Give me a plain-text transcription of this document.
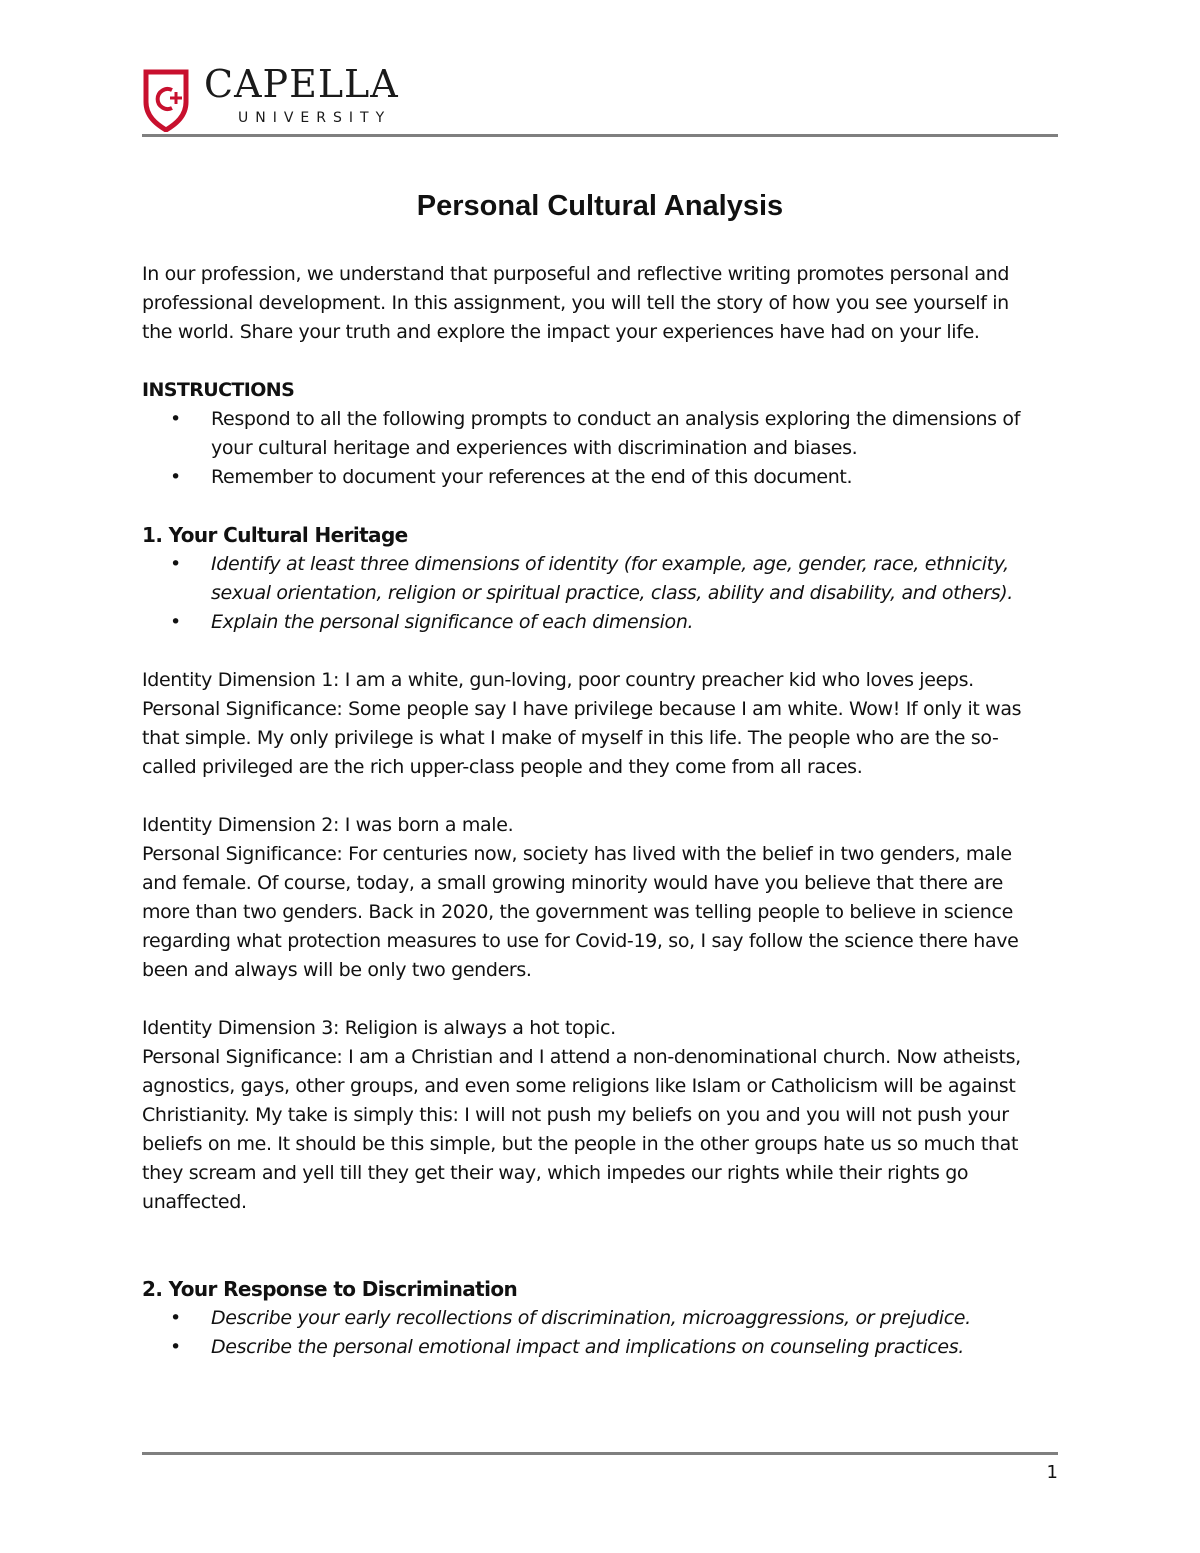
CAPELLA
UNIVERSITY
Personal Cultural Analysis

In our profession, we understand that purposeful and reflective writing promotes personal and

professional development. In this assignment, you will tell the story of how you see yourself in

the world. Share your truth and explore the impact your experiences have had on your life.

INSTRUCTIONS

• Respond to all the following prompts to conduct an analysis exploring the dimensions of
your cultural heritage and experiences with discrimination and biases.
• Remember to document your references at the end of this document.

1. Your Cultural Heritage

• Identify at least three dimensions of identity (for example, age, gender, race, ethnicity,
sexual orientation, religion or spiritual practice, class, ability and disability, and others).
• Explain the personal significance of each dimension.

Identity Dimension 1: I am a white, gun-loving, poor country preacher kid who loves jeeps.

Personal Significance: Some people say I have privilege because I am white. Wow! If only it was

that simple. My only privilege is what I make of myself in this life. The people who are the so-

called privileged are the rich upper-class people and they come from all races.

Identity Dimension 2: I was born a male.

Personal Significance: For centuries now, society has lived with the belief in two genders, male

and female. Of course, today, a small growing minority would have you believe that there are

more than two genders. Back in 2020, the government was telling people to believe in science

regarding what protection measures to use for Covid-19, so, I say follow the science there have

been and always will be only two genders.

Identity Dimension 3: Religion is always a hot topic.

Personal Significance: I am a Christian and I attend a non-denominational church. Now atheists,

agnostics, gays, other groups, and even some religions like Islam or Catholicism will be against

Christianity. My take is simply this: I will not push my beliefs on you and you will not push your

beliefs on me. It should be this simple, but the people in the other groups hate us so much that

they scream and yell till they get their way, which impedes our rights while their rights go

unaffected.

2. Your Response to Discrimination

• Describe your early recollections of discrimination, microaggressions, or prejudice.
• Describe the personal emotional impact and implications on counseling practices.
1
